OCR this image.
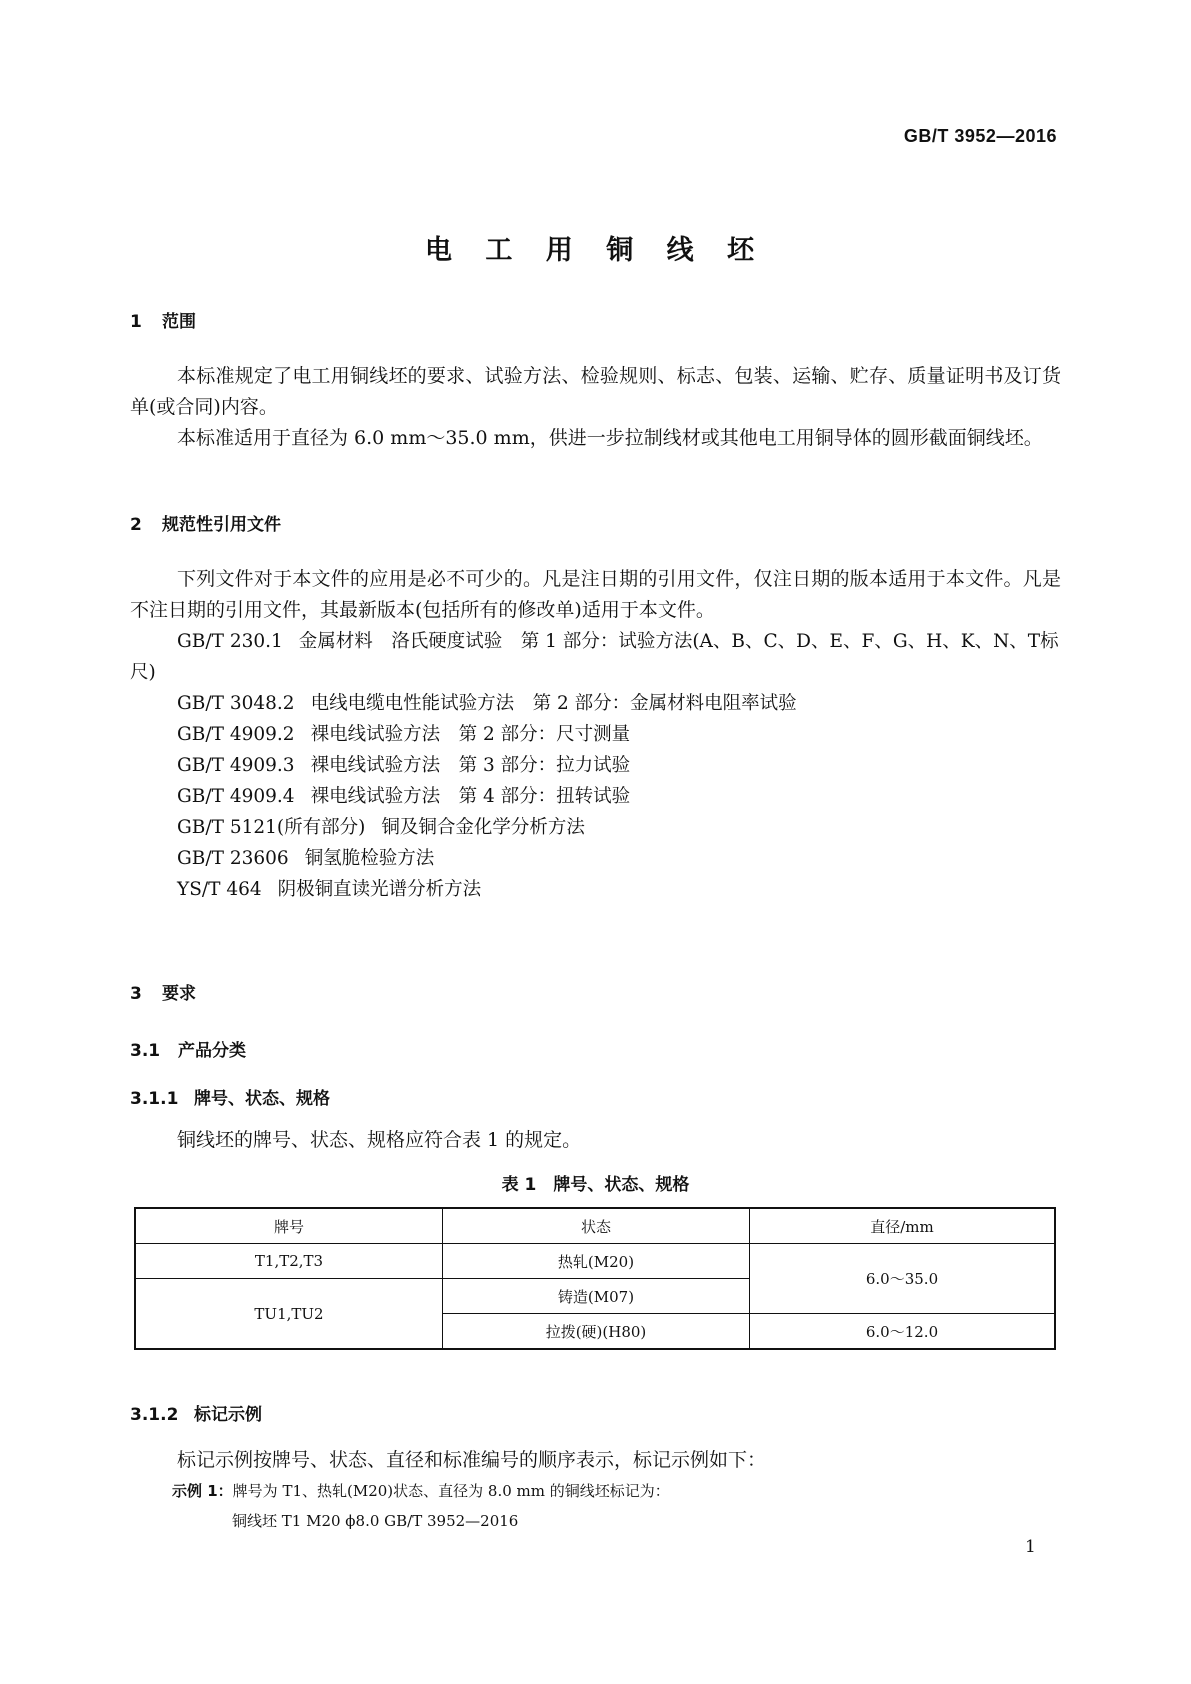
GB/T 3952—2016
电 工 用 铜 线 坯
1 范围
本标准规定了电工用铜线坯的要求、试验方法、检验规则、标志、包装、运输、贮存、质量证明书及订货单(或合同)内容。
本标准适用于直径为 6.0 mm～35.0 mm，供进一步拉制线材或其他电工用铜导体的圆形截面铜线坯。
2 规范性引用文件
下列文件对于本文件的应用是必不可少的。凡是注日期的引用文件，仅注日期的版本适用于本文件。凡是不注日期的引用文件，其最新版本(包括所有的修改单)适用于本文件。
GB/T 230.1 金属材料　洛氏硬度试验　第 1 部分：试验方法(A、B、C、D、E、F、G、H、K、N、T标尺)
GB/T 3048.2 电线电缆电性能试验方法　第 2 部分：金属材料电阻率试验
GB/T 4909.2 裸电线试验方法　第 2 部分：尺寸测量
GB/T 4909.3 裸电线试验方法　第 3 部分：拉力试验
GB/T 4909.4 裸电线试验方法　第 4 部分：扭转试验
GB/T 5121(所有部分) 铜及铜合金化学分析方法
GB/T 23606 铜氢脆检验方法
YS/T 464 阴极铜直读光谱分析方法
3 要求
3.1 产品分类
3.1.1 牌号、状态、规格
铜线坯的牌号、状态、规格应符合表 1 的规定。
表 1　牌号、状态、规格
牌号	状态	直径/mm
T1,T2,T3	热轧(M20)	6.0～35.0
TU1,TU2	铸造(M07)	
	拉拨(硬)(H80)	6.0～12.0
3.1.2 标记示例
标记示例按牌号、状态、直径和标准编号的顺序表示，标记示例如下：
示例 1：牌号为 T1、热轧(M20)状态、直径为 8.0 mm 的铜线坯标记为：
铜线坯 T1 M20 ϕ8.0 GB/T 3952—2016
1
